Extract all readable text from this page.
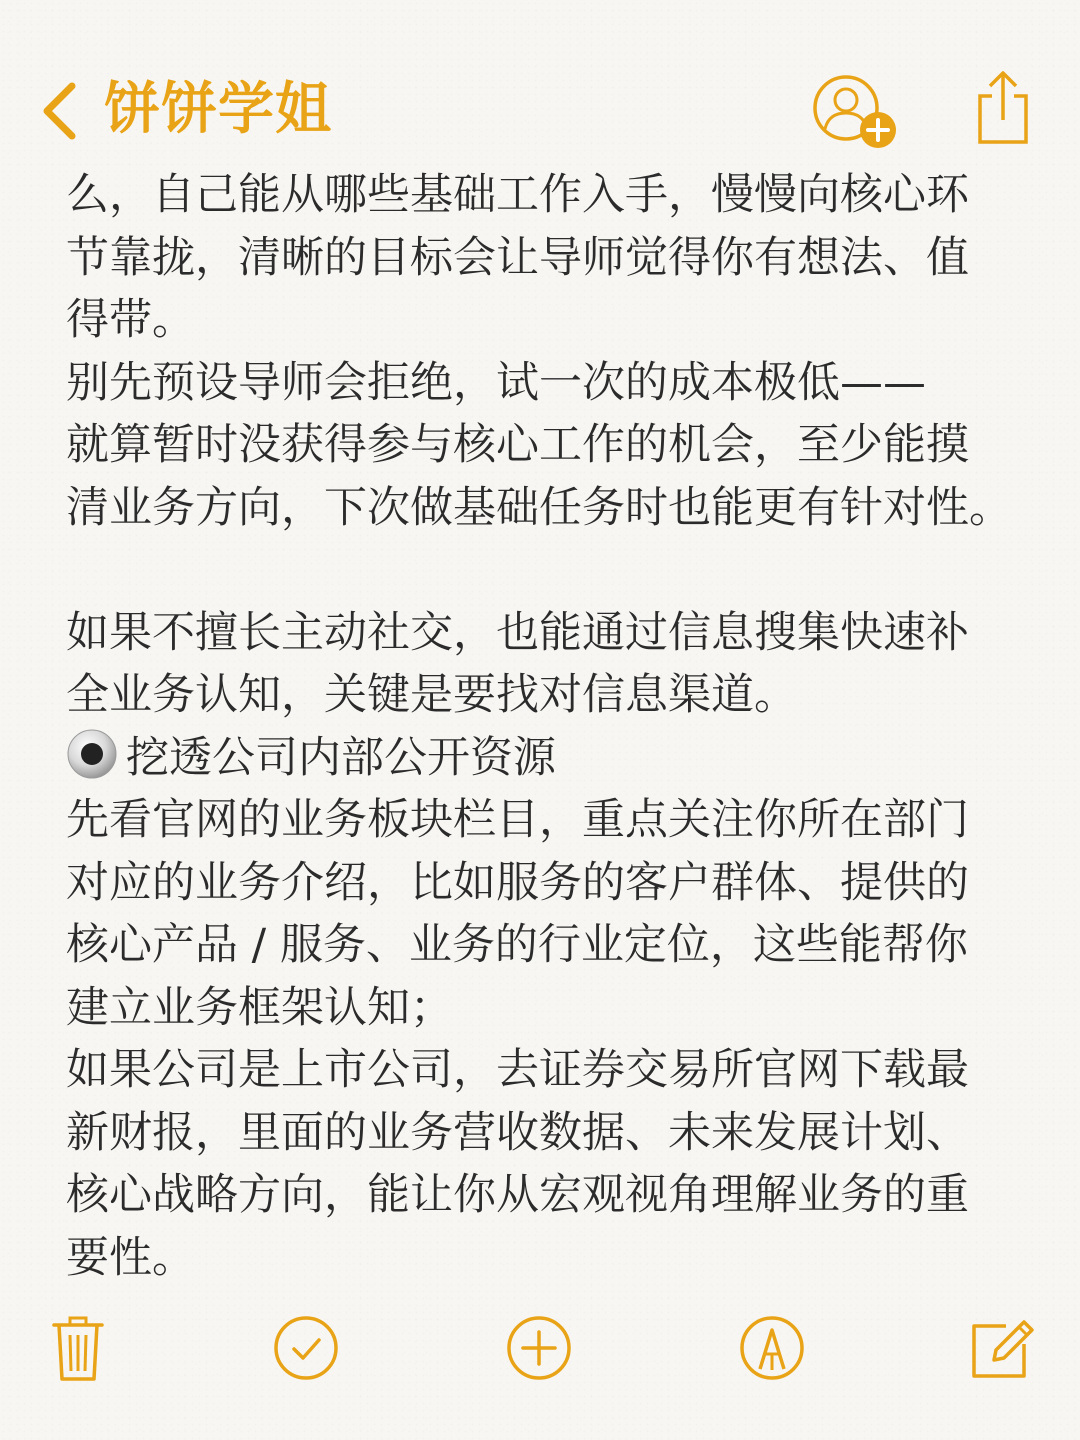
饼饼学姐
么，自己能从哪些基础工作入手，慢慢向核心环
节靠拢，清晰的目标会让导师觉得你有想法、值
得带。
别先预设导师会拒绝，试一次的成本极低——
就算暂时没获得参与核心工作的机会，至少能摸
清业务方向，下次做基础任务时也能更有针对性。
如果不擅长主动社交，也能通过信息搜集快速补
全业务认知，关键是要找对信息渠道。
挖透公司内部公开资源
先看官网的业务板块栏目，重点关注你所在部门
对应的业务介绍，比如服务的客户群体、提供的
核心产品 / 服务、业务的行业定位，这些能帮你
建立业务框架认知；
如果公司是上市公司，去证券交易所官网下载最
新财报，里面的业务营收数据、未来发展计划、
核心战略方向，能让你从宏观视角理解业务的重
要性。
